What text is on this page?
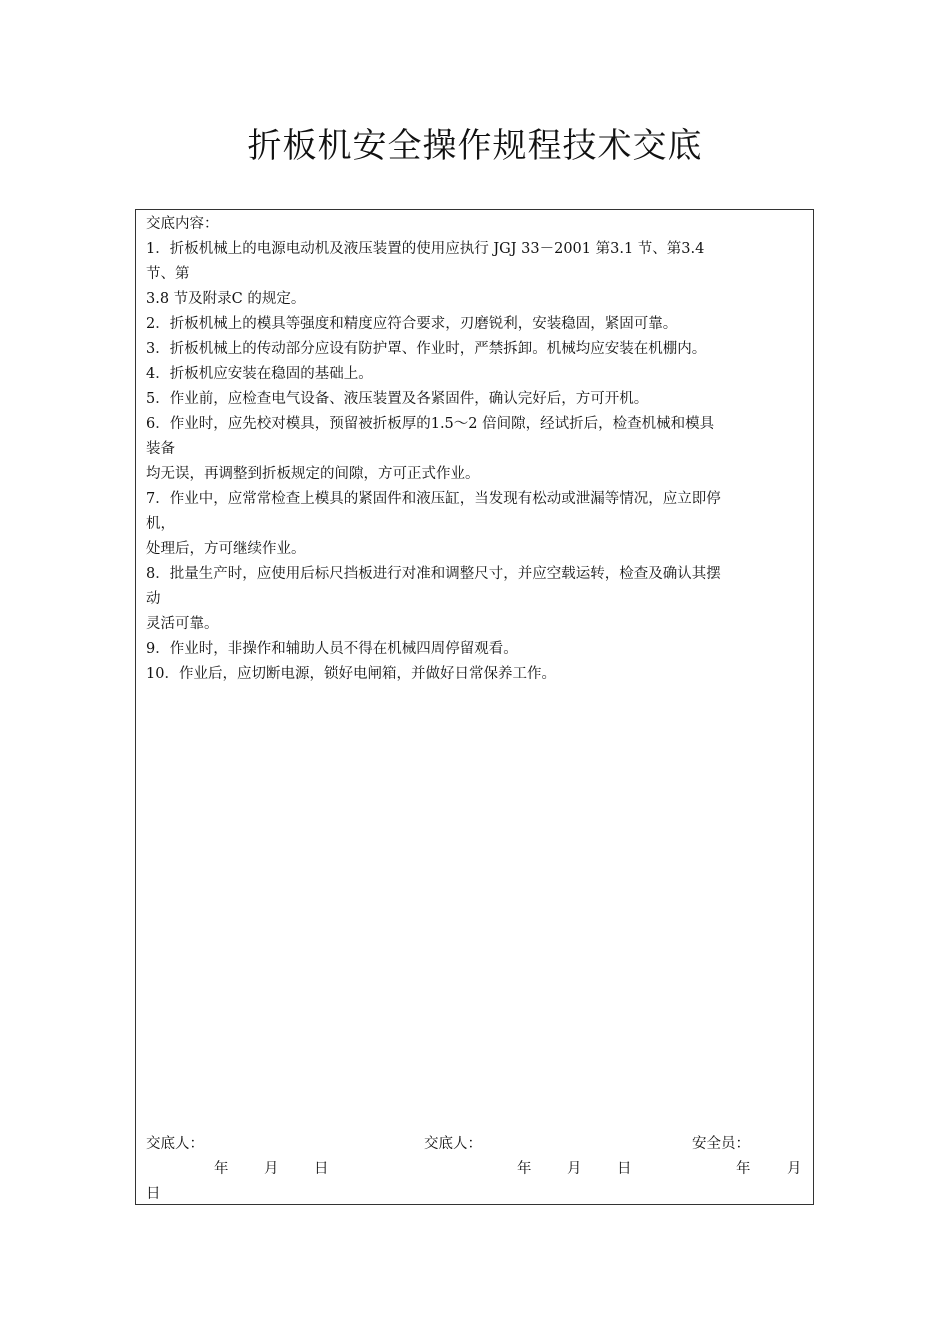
折板机安全操作规程技术交底
交底内容：
1．折板机械上的电源电动机及液压装置的使用应执行 JGJ 33－2001 第3.1 节、第3.4
节、第
3.8 节及附录C 的规定。
2．折板机械上的模具等强度和精度应符合要求，刃磨锐利，安装稳固，紧固可靠。
3．折板机械上的传动部分应设有防护罩、作业时，严禁拆卸。机械均应安装在机棚内。
4．折板机应安装在稳固的基础上。
5．作业前，应检查电气设备、液压装置及各紧固件，确认完好后，方可开机。
6．作业时，应先校对模具，预留被折板厚的1.5～2 倍间隙，经试折后，检查机械和模具
装备
均无误，再调整到折板规定的间隙，方可正式作业。
7．作业中，应常常检查上模具的紧固件和液压缸，当发现有松动或泄漏等情况，应立即停
机，
处理后，方可继续作业。
8．批量生产时，应使用后标尺挡板进行对准和调整尺寸，并应空载运转，检查及确认其摆
动
灵活可靠。
9．作业时，非操作和辅助人员不得在机械四周停留观看。
10．作业后，应切断电源，锁好电闸箱，并做好日常保养工作。
交底人：	交底人：	安全员：
年 月 日	年 月 日	年	月
日
